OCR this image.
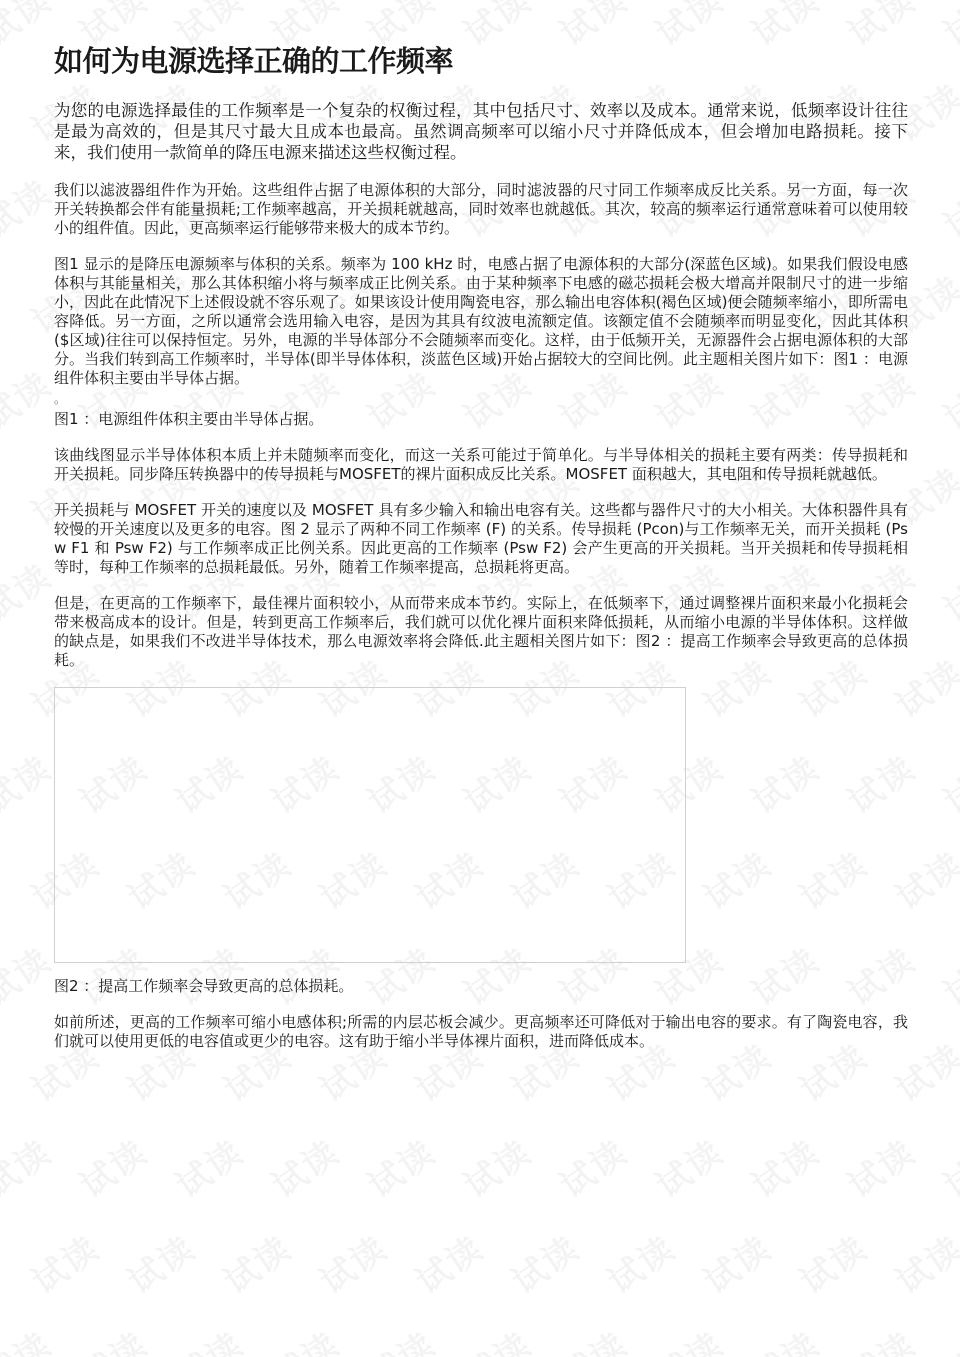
如何为电源选择正确的工作频率

为您的电源选择最佳的工作频率是一个复杂的权衡过程，其中包括尺寸、效率以及成本。通常来说，低频率设计往往是最为高效的，但是其尺寸最大且成本也最高。虽然调高频率可以缩小尺寸并降低成本，但会增加电路损耗。接下来，我们使用一款简单的降压电源来描述这些权衡过程。

我们以滤波器组件作为开始。这些组件占据了电源体积的大部分，同时滤波器的尺寸同工作频率成反比关系。另一方面，每一次开关转换都会伴有能量损耗;工作频率越高，开关损耗就越高，同时效率也就越低。其次，较高的频率运行通常意味着可以使用较小的组件值。因此，更高频率运行能够带来极大的成本节约。

图1 显示的是降压电源频率与体积的关系。频率为 100 kHz 时，电感占据了电源体积的大部分(深蓝色区域)。如果我们假设电感体积与其能量相关，那么其体积缩小将与频率成正比例关系。由于某种频率下电感的磁芯损耗会极大增高并限制尺寸的进一步缩小，因此在此情况下上述假设就不容乐观了。如果该设计使用陶瓷电容，那么输出电容体积(褐色区域)便会随频率缩小，即所需电容降低。另一方面，之所以通常会选用输入电容，是因为其具有纹波电流额定值。该额定值不会随频率而明显变化，因此其体积($区域)往往可以保持恒定。另外，电源的半导体部分不会随频率而变化。这样，由于低频开关，无源器件会占据电源体积的大部分。当我们转到高工作频率时，半导体(即半导体体积，淡蓝色区域)开始占据较大的空间比例。此主题相关图片如下：图1 ：电源组件体积主要由半导体占据。

。

图1 ：电源组件体积主要由半导体占据。

该曲线图显示半导体体积本质上并未随频率而变化，而这一关系可能过于简单化。与半导体相关的损耗主要有两类：传导损耗和开关损耗。同步降压转换器中的传导损耗与MOSFET的裸片面积成反比关系。MOSFET 面积越大，其电阻和传导损耗就越低。

开关损耗与 MOSFET 开关的速度以及 MOSFET 具有多少输入和输出电容有关。这些都与器件尺寸的大小相关。大体积器件具有较慢的开关速度以及更多的电容。图 2 显示了两种不同工作频率 (F) 的关系。传导损耗 (Pcon)与工作频率无关，而开关损耗 (Psw F1 和 Psw F2) 与工作频率成正比例关系。因此更高的工作频率 (Psw F2) 会产生更高的开关损耗。当开关损耗和传导损耗相等时，每种工作频率的总损耗最低。另外，随着工作频率提高，总损耗将更高。

但是，在更高的工作频率下，最佳裸片面积较小，从而带来成本节约。实际上，在低频率下，通过调整裸片面积来最小化损耗会带来极高成本的设计。但是，转到更高工作频率后，我们就可以优化裸片面积来降低损耗，从而缩小电源的半导体体积。这样做的缺点是，如果我们不改进半导体技术，那么电源效率将会降低.此主题相关图片如下：图2 ：提高工作频率会导致更高的总体损耗。

图2 ：提高工作频率会导致更高的总体损耗。

如前所述，更高的工作频率可缩小电感体积;所需的内层芯板会减少。更高频率还可降低对于输出电容的要求。有了陶瓷电容，我们就可以使用更低的电容值或更少的电容。这有助于缩小半导体裸片面积，进而降低成本。
